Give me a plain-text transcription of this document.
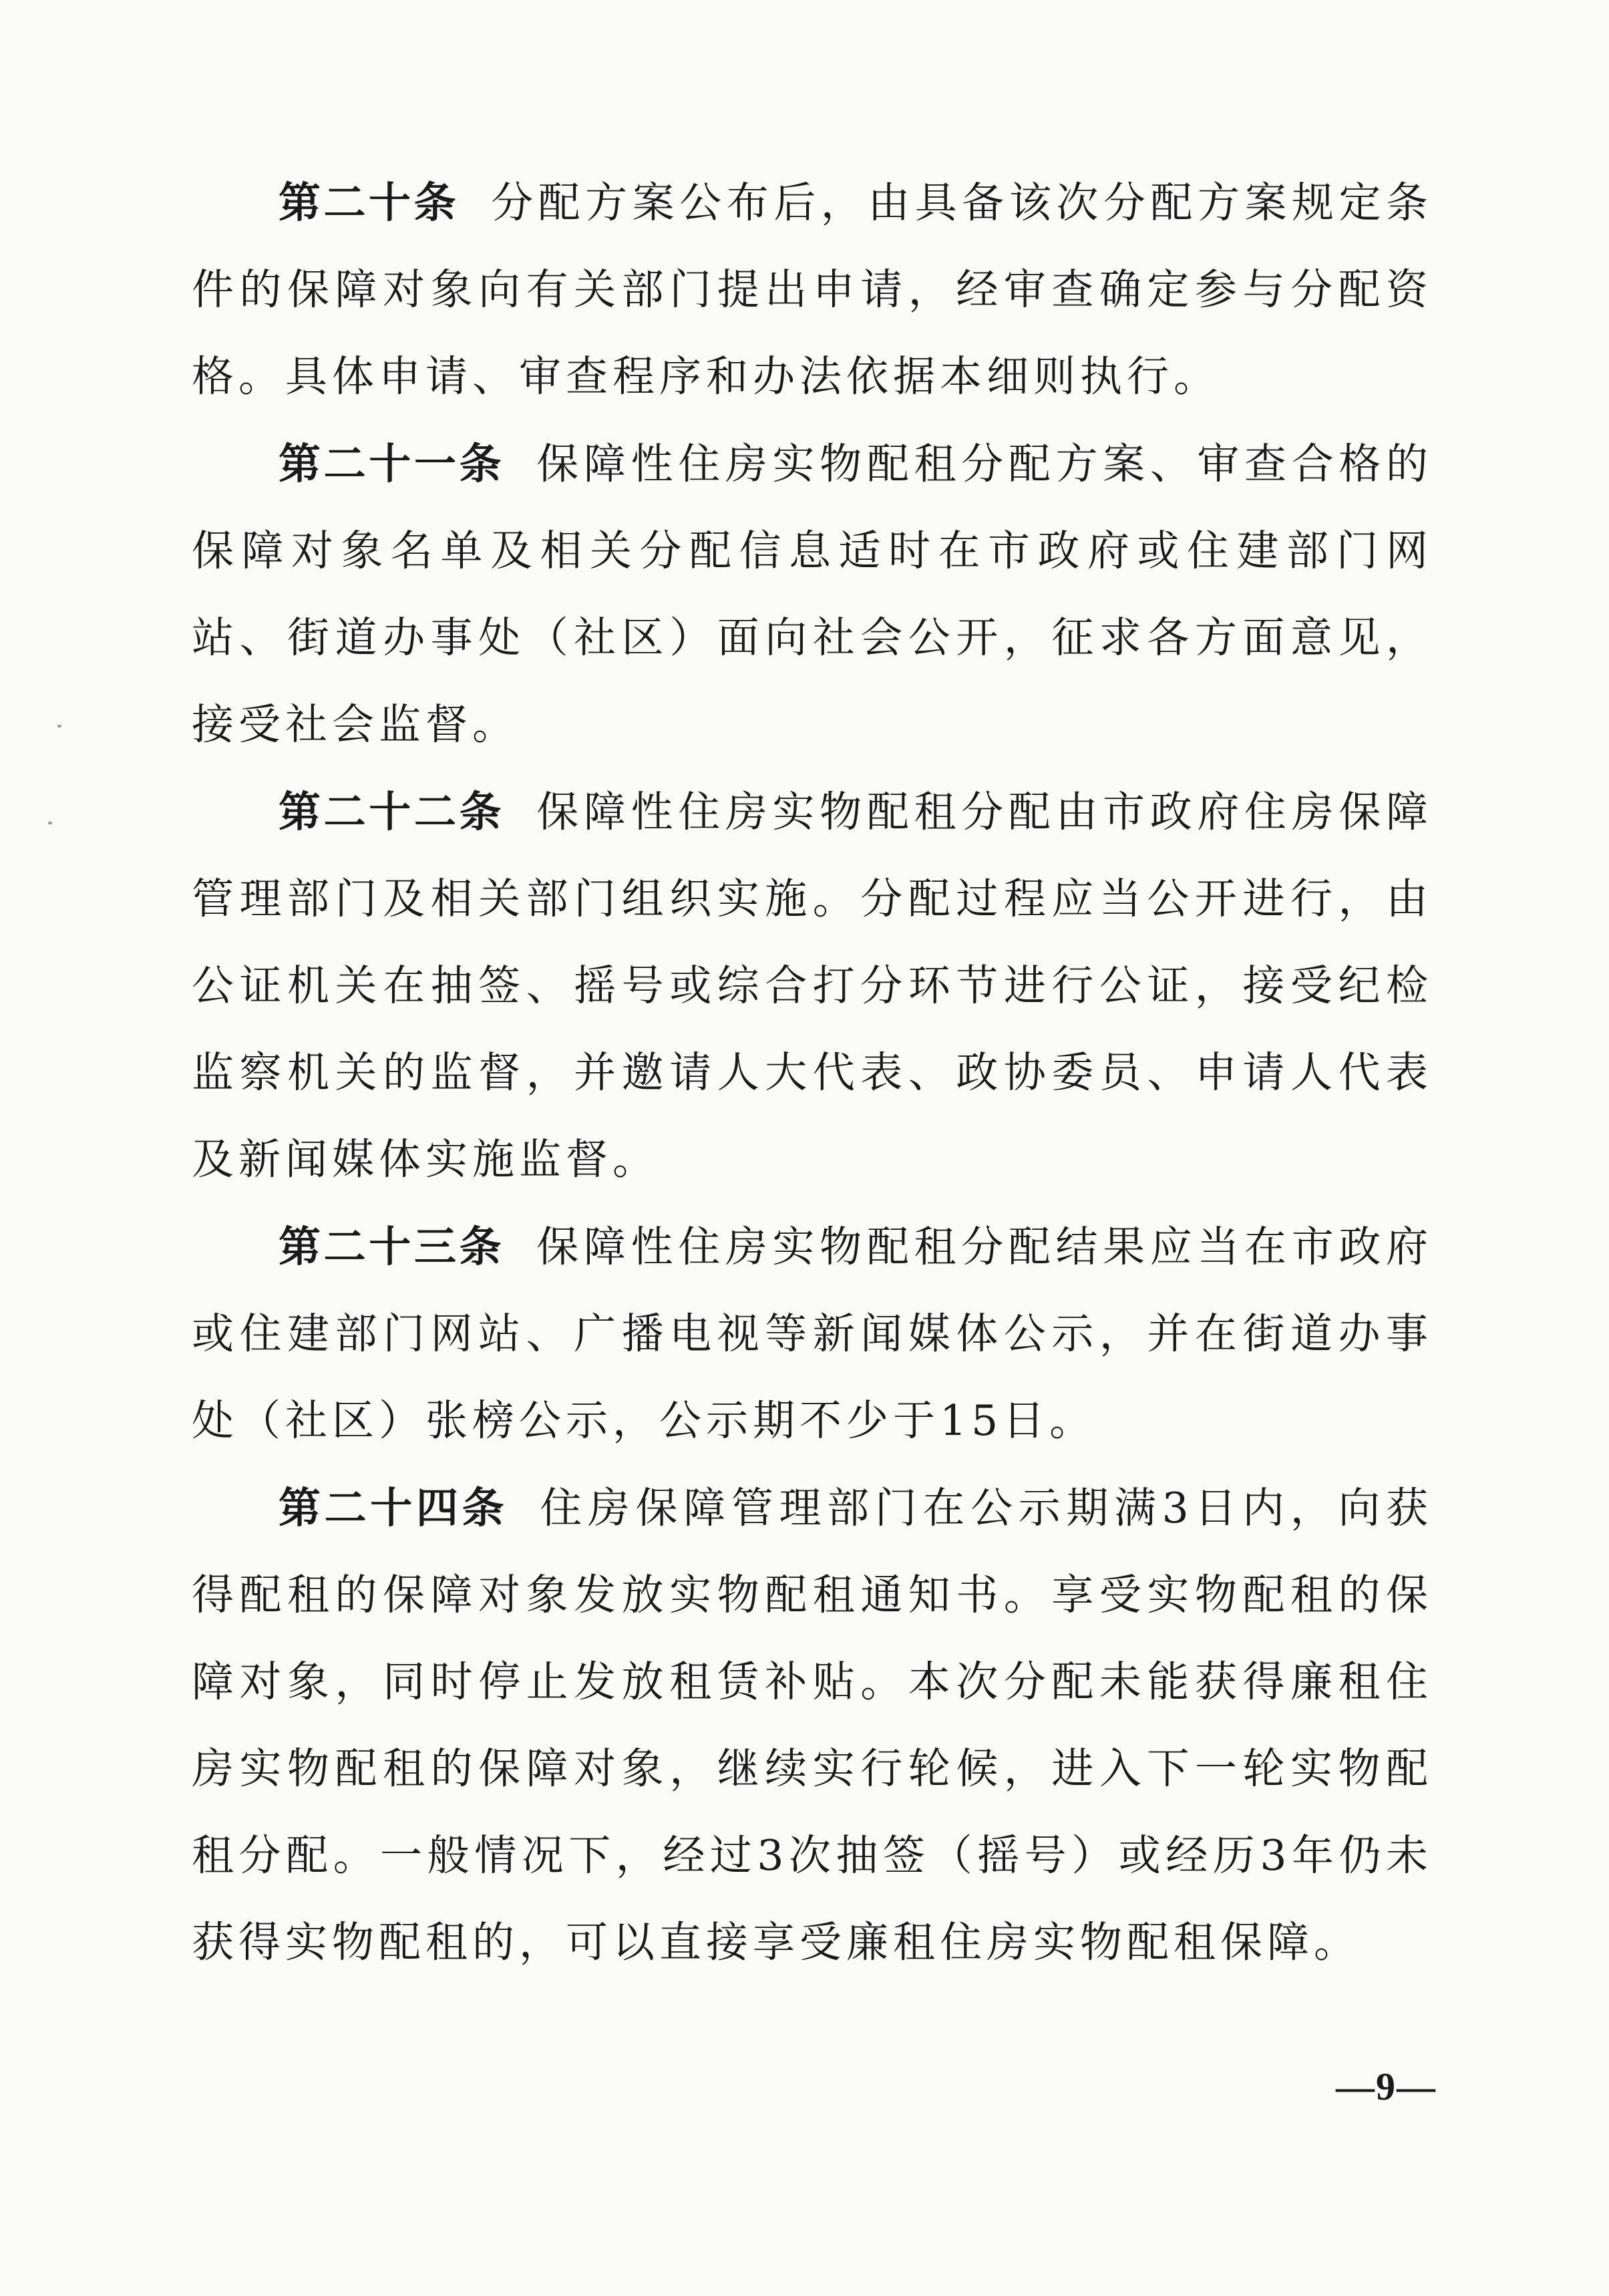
第二十条 分配方案公布后，由具备该次分配方案规定条件的保障对象向有关部门提出申请，经审查确定参与分配资格。具体申请、审查程序和办法依据本细则执行。

第二十一条 保障性住房实物配租分配方案、审查合格的保障对象名单及相关分配信息适时在市政府或住建部门网站、街道办事处（社区）面向社会公开，征求各方面意见，接受社会监督。

第二十二条 保障性住房实物配租分配由市政府住房保障管理部门及相关部门组织实施。分配过程应当公开进行，由公证机关在抽签、摇号或综合打分环节进行公证，接受纪检监察机关的监督，并邀请人大代表、政协委员、申请人代表及新闻媒体实施监督。

第二十三条 保障性住房实物配租分配结果应当在市政府或住建部门网站、广播电视等新闻媒体公示，并在街道办事处（社区）张榜公示，公示期不少于15日。

第二十四条 住房保障管理部门在公示期满3日内，向获得配租的保障对象发放实物配租通知书。享受实物配租的保障对象，同时停止发放租赁补贴。本次分配未能获得廉租住房实物配租的保障对象，继续实行轮候，进入下一轮实物配租分配。一般情况下，经过3次抽签（摇号）或经历3年仍未获得实物配租的，可以直接享受廉租住房实物配租保障。

—9—
